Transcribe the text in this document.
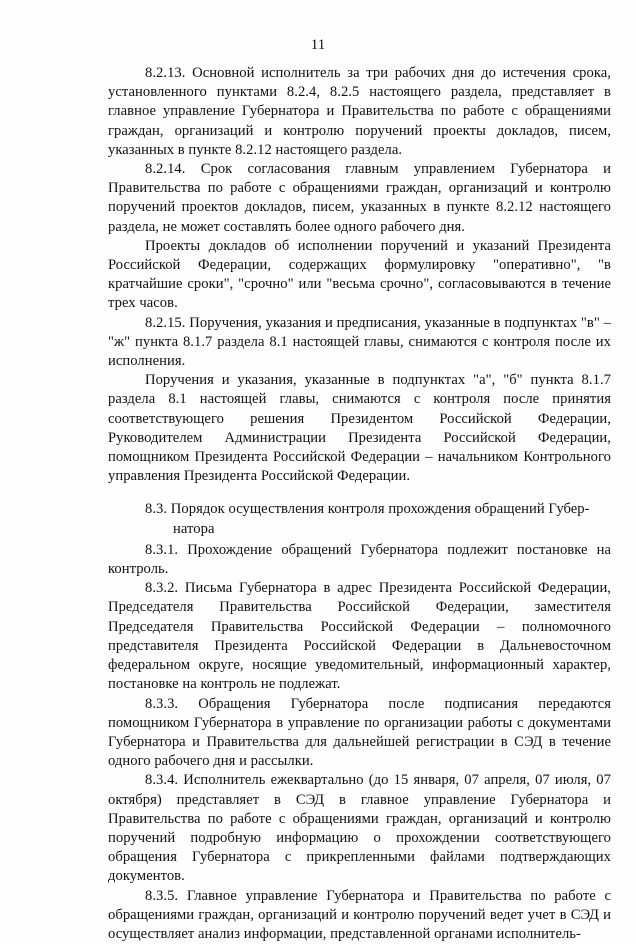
11

8.2.13. Основной исполнитель за три рабочих дня до истечения срока, установленного пунктами 8.2.4, 8.2.5 настоящего раздела, представляет в главное управление Губернатора и Правительства по работе с обращениями граждан, организаций и контролю поручений проекты докладов, писем, указанных в пункте 8.2.12 настоящего раздела.

8.2.14. Срок согласования главным управлением Губернатора и Правительства по работе с обращениями граждан, организаций и контролю поручений проектов докладов, писем, указанных в пункте 8.2.12 настоящего раздела, не может составлять более одного рабочего дня.

Проекты докладов об исполнении поручений и указаний Президента Российской Федерации, содержащих формулировку "оперативно", "в кратчайшие сроки", "срочно" или "весьма срочно", согласовываются в течение трех часов.

8.2.15. Поручения, указания и предписания, указанные в подпунктах "в" – "ж" пункта 8.1.7 раздела 8.1 настоящей главы, снимаются с контроля после их исполнения.

Поручения и указания, указанные в подпунктах "а", "б" пункта 8.1.7 раздела 8.1 настоящей главы, снимаются с контроля после принятия соответствующего решения Президентом Российской Федерации, Руководителем Администрации Президента Российской Федерации, помощником Президента Российской Федерации – начальником Контрольного управления Президента Российской Федерации.

8.3. Порядок осуществления контроля прохождения обращений Губер-
натора

8.3.1. Прохождение обращений Губернатора подлежит постановке на контроль.

8.3.2. Письма Губернатора в адрес Президента Российской Федерации, Председателя Правительства Российской Федерации, заместителя Председателя Правительства Российской Федерации – полномочного представителя Президента Российской Федерации в Дальневосточном федеральном округе, носящие уведомительный, информационный характер, постановке на контроль не подлежат.

8.3.3. Обращения Губернатора после подписания передаются помощником Губернатора в управление по организации работы с документами Губернатора и Правительства для дальнейшей регистрации в СЭД в течение одного рабочего дня и рассылки.

8.3.4. Исполнитель ежеквартально (до 15 января, 07 апреля, 07 июля, 07 октября) представляет в СЭД в главное управление Губернатора и Правительства по работе с обращениями граждан, организаций и контролю поручений подробную информацию о прохождении соответствующего обращения Губернатора с прикрепленными файлами подтверждающих документов.

8.3.5. Главное управление Губернатора и Правительства по работе с обращениями граждан, организаций и контролю поручений ведет учет в СЭД и осуществляет анализ информации, представленной органами исполнитель-
